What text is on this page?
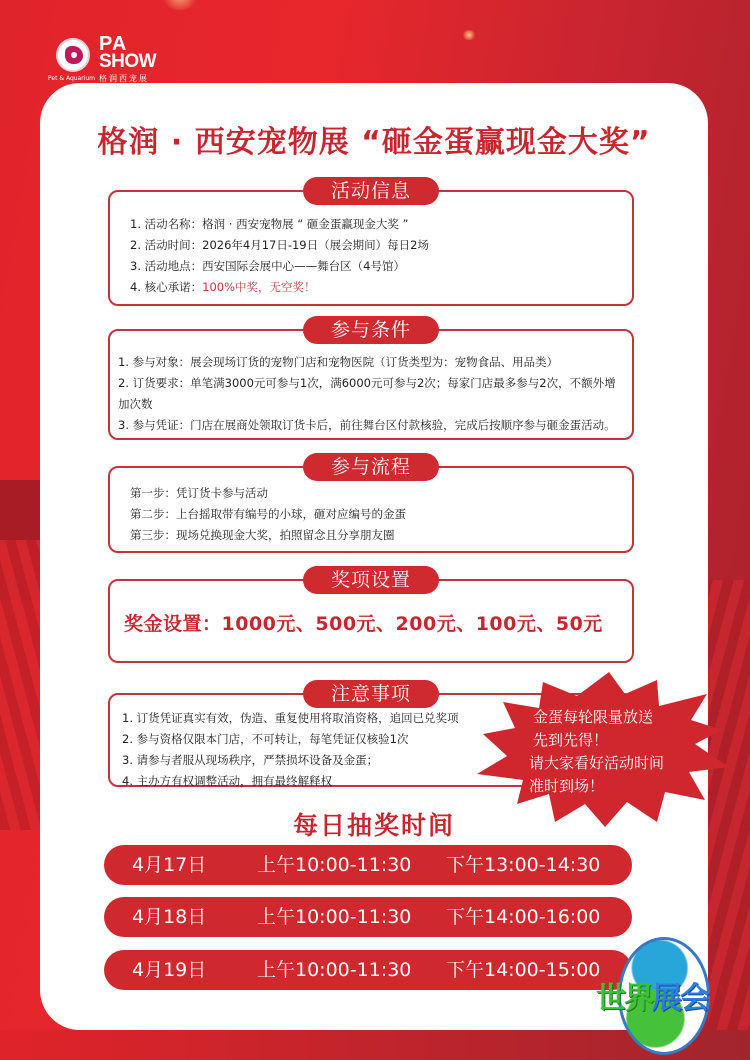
PA
SHOW
Pet & Aquarium 格润西宠展
格润 · 西安宠物展 “砸金蛋赢现金大奖”
活动信息
1. 活动名称：格润 · 西安宠物展 “ 砸金蛋赢现金大奖 ”
2. 活动时间：2026年4月17日-19日（展会期间）每日2场
3. 活动地点：西安国际会展中心——舞台区（4号馆）
4. 核心承诺：100%中奖，无空奖！
参与条件
1. 参与对象：展会现场订货的宠物门店和宠物医院（订货类型为：宠物食品、用品类）
2. 订货要求：单笔满3000元可参与1次，满6000元可参与2次；每家门店最多参与2次，不额外增加次数
3. 参与凭证：门店在展商处领取订货卡后，前往舞台区付款核验，完成后按顺序参与砸金蛋活动。
参与流程
第一步：凭订货卡参与活动
第二步：上台摇取带有编号的小球，砸对应编号的金蛋
第三步：现场兑换现金大奖，拍照留念且分享朋友圈
奖项设置
奖金设置：1000元、500元、200元、100元、50元
注意事项
1. 订货凭证真实有效，伪造、重复使用将取消资格，追回已兑奖项
2. 参与资格仅限本门店，不可转让，每笔凭证仅核验1次
3. 请参与者服从现场秩序，严禁损坏设备及金蛋；
4. 主办方有权调整活动，拥有最终解释权
每日抽奖时间
4月17日	上午10:00-11:30 下午13:00-14:30
4月18日	上午10:00-11:30 下午14:00-16:00
4月19日	上午10:00-11:30 下午14:00-15:00
金蛋每轮限量放送
先到先得！
请大家看好活动时间
准时到场！
世界展会
